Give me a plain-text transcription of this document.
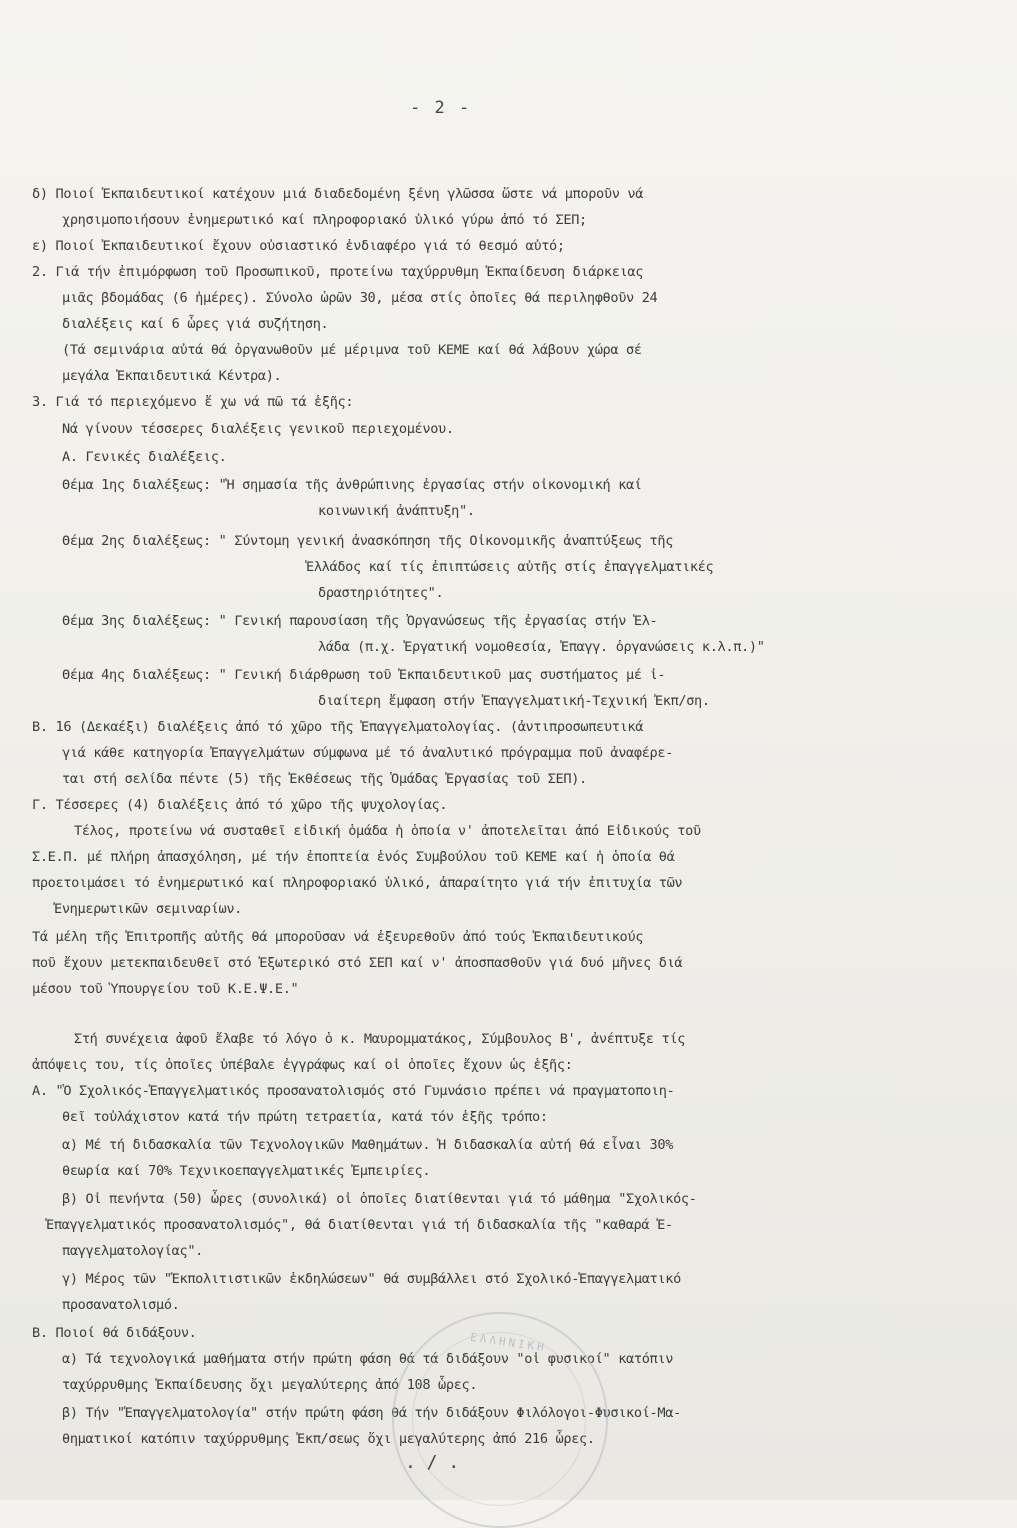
- 2 -
δ) Ποιοί Ἐκπαιδευτικοί κατέχουν μιά διαδεδομένη ξένη γλῶσσα ὥστε νά μποροῦν νά
χρησιμοποιήσουν ἐνημερωτικό καί πληροφοριακό ὑλικό γύρω ἀπό τό ΣΕΠ;
ε) Ποιοί Ἐκπαιδευτικοί ἔχουν οὐσιαστικό ἐνδιαφέρο γιά τό θεσμό αὐτό;
2. Γιά τήν ἐπιμόρφωση τοῦ Προσωπικοῦ, προτείνω ταχύρρυθμη Ἐκπαίδευση διάρκειας
μιᾶς βδομάδας (6 ἡμέρες). Σύνολο ὡρῶν 30, μέσα στίς ὁποῖες θά περιληφθοῦν 24
διαλέξεις καί 6 ὧρες γιά συζήτηση.
(Τά σεμινάρια αὐτά θά ὀργανωθοῦν μέ μέριμνα τοῦ ΚΕΜΕ καί θά λάβουν χώρα σέ
μεγάλα Ἐκπαιδευτικά Κέντρα).
3. Γιά τό περιεχόμενο ἔ χω νά πῶ τά ἑξῆς:
Νά γίνουν τέσσερες διαλέξεις γενικοῦ περιεχομένου.
Α. Γενικές διαλέξεις.
Θέμα 1ης διαλέξεως: "Ἡ σημασία τῆς ἀνθρώπινης ἐργασίας στήν οἰκονομική καί
κοινωνική ἀνάπτυξη".
Θέμα 2ης διαλέξεως: " Σύντομη γενική ἀνασκόπηση τῆς Οἰκονομικῆς ἀναπτύξεως τῆς
Ἑλλάδος καί τίς ἐπιπτώσεις αὐτῆς στίς ἐπαγγελματικές
δραστηριότητες".
Θέμα 3ης διαλέξεως: " Γενική παρουσίαση τῆς Ὀργανώσεως τῆς ἐργασίας στήν Ἑλ-
λάδα (π.χ. Ἐργατική νομοθεσία, Ἐπαγγ. ὀργανώσεις κ.λ.π.)"
Θέμα 4ης διαλέξεως: " Γενική διάρθρωση τοῦ Ἐκπαιδευτικοῦ μας συστήματος μέ ἰ-
διαίτερη ἔμφαση στήν Ἐπαγγελματική-Τεχνική Ἐκπ/ση.
Β. 16 (Δεκαέξι) διαλέξεις ἀπό τό χῶρο τῆς Ἐπαγγελματολογίας. (ἀντιπροσωπευτικά
γιά κάθε κατηγορία Ἐπαγγελμάτων σύμφωνα μέ τό ἀναλυτικό πρόγραμμα ποῦ ἀναφέρε-
ται στή σελίδα πέντε (5) τῆς Ἐκθέσεως τῆς Ὁμάδας Ἐργασίας τοῦ ΣΕΠ).
Γ. Τέσσερες (4) διαλέξεις ἀπό τό χῶρο τῆς ψυχολογίας.
Τέλος, προτείνω νά συσταθεῖ εἰδική ὁμάδα ἡ ὁποία ν' ἀποτελεῖται ἀπό Εἰδικούς τοῦ
Σ.Ε.Π. μέ πλήρη ἀπασχόληση, μέ τήν ἐποπτεία ἑνός Συμβούλου τοῦ ΚΕΜΕ καί ἡ ὁποία θά
προετοιμάσει τό ἐνημερωτικό καί πληροφοριακό ὑλικό, ἀπαραίτητο γιά τήν ἐπιτυχία τῶν
Ἐνημερωτικῶν σεμιναρίων.
Τά μέλη τῆς Ἐπιτροπῆς αὐτῆς θά μποροῦσαν νά ἐξευρεθοῦν ἀπό τούς Ἐκπαιδευτικούς
ποῦ ἔχουν μετεκπαιδευθεῖ στό Ἐξωτερικό στό ΣΕΠ καί ν' ἀποσπασθοῦν γιά δυό μῆνες διά
μέσου τοῦ Ὑπουργείου τοῦ Κ.Ε.Ψ.Ε."
Στή συνέχεια ἀφοῦ ἔλαβε τό λόγο ὁ κ. Μαυρομματάκος, Σύμβουλος Β', ἀνέπτυξε τίς
ἀπόψεις του, τίς ὁποῖες ὑπέβαλε ἐγγράφως καί οἱ ὁποῖες ἔχουν ὡς ἑξῆς:
Α. "Ὁ Σχολικός-Ἐπαγγελματικός προσανατολισμός στό Γυμνάσιο πρέπει νά πραγματοποιη-
θεῖ τοὐλάχιστον κατά τήν πρώτη τετραετία, κατά τόν ἑξῆς τρόπο:
α) Μέ τή διδασκαλία τῶν Τεχνολογικῶν Μαθημάτων. Ἡ διδασκαλία αὐτή θά εἶναι 30%
θεωρία καί 70% Τεχνικοεπαγγελματικές Ἐμπειρίες.
β) Οἱ πενήντα (50) ὧρες (συνολικά) οἱ ὁποῖες διατίθενται γιά τό μάθημα "Σχολικός-
Ἐπαγγελματικός προσανατολισμός", θά διατίθενται γιά τή διδασκαλία τῆς "καθαρά Ἐ-
παγγελματολογίας".
γ) Μέρος τῶν "Ἐκπολιτιστικῶν ἐκδηλώσεων" θά συμβάλλει στό Σχολικό-Ἐπαγγελματικό
προσανατολισμό.
Β. Ποιοί θά διδάξουν.
α) Τά τεχνολογικά μαθήματα στήν πρώτη φάση θά τά διδάξουν "οἱ φυσικοί" κατόπιν
ταχύρρυθμης Ἐκπαίδευσης ὄχι μεγαλύτερης ἀπό 108 ὧρες.
β) Τήν "Ἐπαγγελματολογία" στήν πρώτη φάση θά τήν διδάξουν Φιλόλογοι-Φυσικοί-Μα-
θηματικοί κατόπιν ταχύρρυθμης Ἐκπ/σεως ὄχι μεγαλύτερης ἀπό 216 ὧρες.
ΕΛΛΗΝΙΚΗ
. / .
